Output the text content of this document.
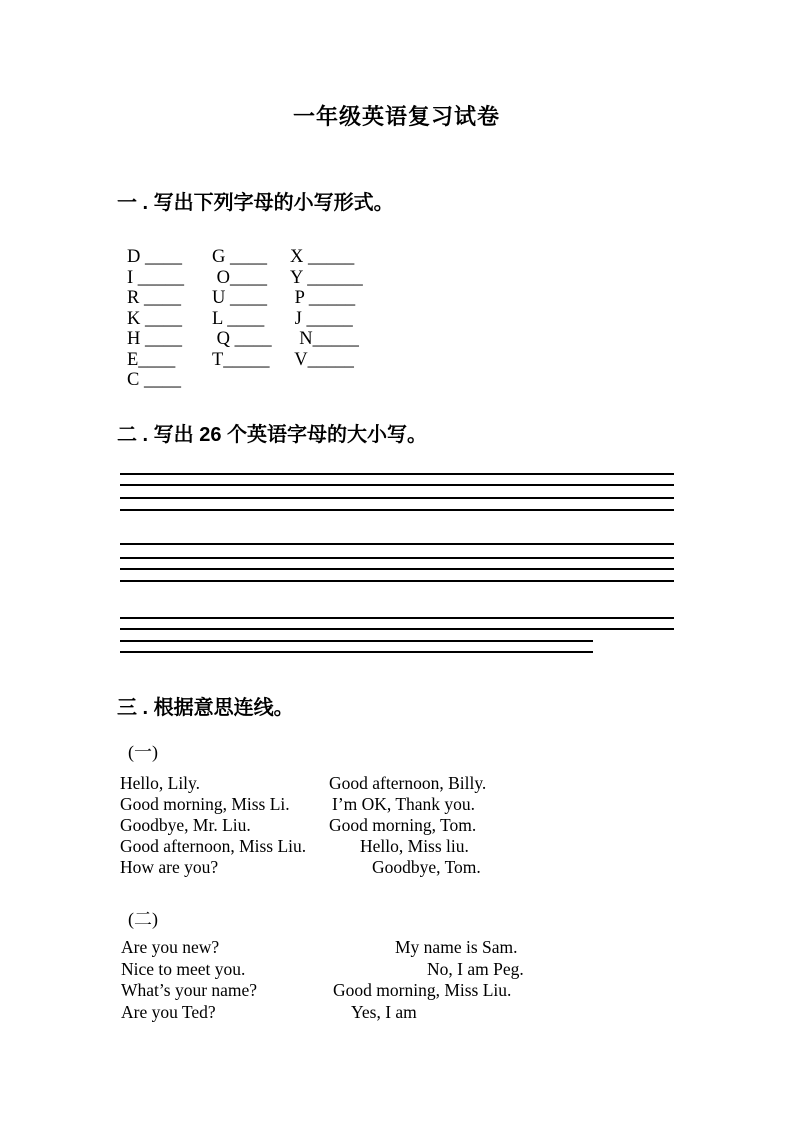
一年级英语复习试卷
一 . 写出下列字母的小写形式。
D ____	G ____	X _____
I _____	O____	Y ______
R ____	U ____	P _____
K ____	L ____	J _____
H ____	Q ____ N_____
E____	T_____	V_____
C ____
二 . 写出 26 个英语字母的大小写。
三 . 根据意思连线。
(一)
Hello, Lily.	Good afternoon, Billy.
Good morning, Miss Li.	I’m OK, Thank you.
Goodbye, Mr. Liu.	Good morning, Tom.
Good afternoon, Miss Liu.	Hello, Miss liu.
How are you?	Goodbye, Tom.
(二)
Are you new?	My name is Sam.
Nice to meet you.	No, I am Peg.
What’s your name?	Good morning, Miss Liu.
Are you Ted?	Yes, I am
